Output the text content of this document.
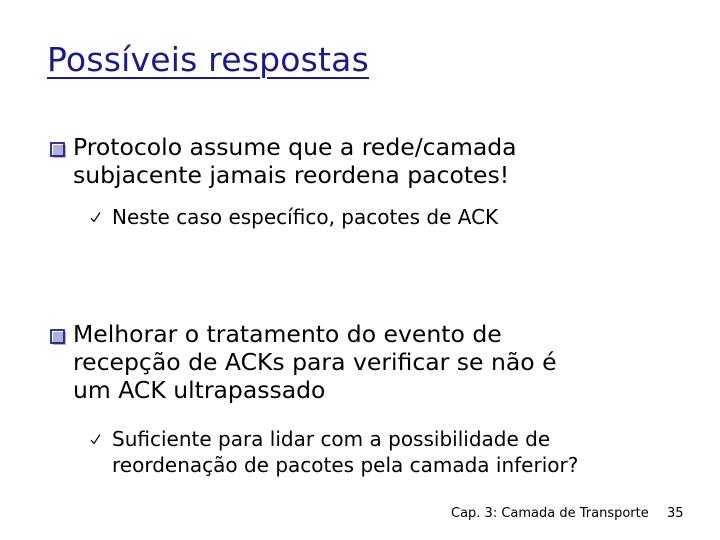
Possíveis respostas
Protocolo assume que a rede/camada
subjacente jamais reordena pacotes!
Neste caso específico, pacotes de ACK
Melhorar o tratamento do evento de
recepção de ACKs para verificar se não é
um ACK ultrapassado
Suficiente para lidar com a possibilidade de reordenação de pacotes pela camada inferior?
Cap. 3: Camada de Transporte 35
